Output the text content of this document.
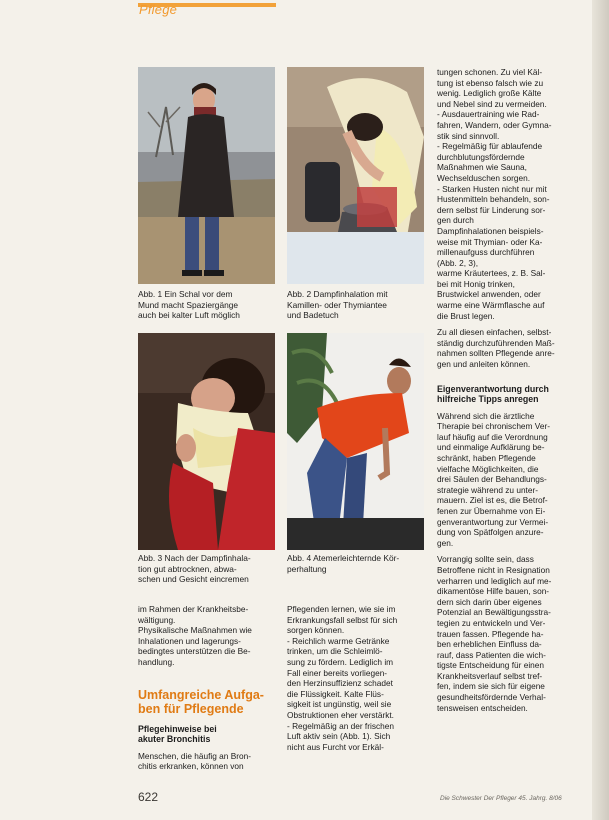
Pflege
Abb. 1 Ein Schal vor dem
Mund macht Spaziergänge
auch bei kalter Luft möglich
Abb. 2 Dampfinhalation mit
Kamillen- oder Thymiantee
und Badetuch
Abb. 3 Nach der Dampfinhala-
tion gut abtrocknen, abwa-
schen und Gesicht eincremen
Abb. 4 Atemerleichternde Kör-
perhaltung

im Rahmen der Krankheitsbe-
wältigung.
Physikalische Maßnahmen wie
Inhalationen und lagerungs-
bedingtes unterstützen die Be-
handlung.

Umfangreiche Aufga-
ben für Pflegende

Pflegehinweise bei
akuter Bronchitis

Menschen, die häufig an Bron-
chitis erkranken, können von

Pflegenden lernen, wie sie im
Erkrankungsfall selbst für sich
sorgen können.
- Reichlich warme Getränke
trinken, um die Schleimlö-
sung zu fördern. Lediglich im
Fall einer bereits vorliegen-
den Herzinsuffizienz schadet
die Flüssigkeit. Kalte Flüs-
sigkeit ist ungünstig, weil sie
Obstruktionen eher verstärkt.
- Regelmäßig an der frischen
Luft aktiv sein (Abb. 1). Sich
nicht aus Furcht vor Erkäl-

tungen schonen. Zu viel Käl-
tung ist ebenso falsch wie zu
wenig. Lediglich große Kälte
und Nebel sind zu vermeiden.
- Ausdauertraining wie Rad-
fahren, Wandern, oder Gymna-
stik sind sinnvoll.
- Regelmäßig für ablaufende
durchblutungsfördernde
Maßnahmen wie Sauna,
Wechselduschen sorgen.
- Starken Husten nicht nur mit
Hustenmitteln behandeln, son-
dern selbst für Linderung sor-
gen durch
Dampfinhalationen beispiels-
weise mit Thymian- oder Ka-
millenaufguss durchführen
(Abb. 2, 3),
warme Kräutertees, z. B. Sal-
bei mit Honig trinken,
Brustwickel anwenden, oder
warme eine Wärmflasche auf
die Brust legen.

Zu all diesen einfachen, selbst-
ständig durchzuführenden Maß-
nahmen sollten Pflegende anre-
gen und anleiten können.

Eigenverantwortung durch
hilfreiche Tipps anregen

Während sich die ärztliche
Therapie bei chronischem Ver-
lauf häufig auf die Verordnung
und einmalige Aufklärung be-
schränkt, haben Pflegende
vielfache Möglichkeiten, die
drei Säulen der Behandlungs-
strategie während zu unter-
mauern. Ziel ist es, die Betrof-
fenen zur Übernahme von Ei-
genverantwortung zur Vermei-
dung von Spätfolgen anzure-
gen.

Vorrangig sollte sein, dass
Betroffene nicht in Resignation
verharren und lediglich auf me-
dikamentöse Hilfe bauen, son-
dern sich darin über eigenes
Potenzial an Bewältigungsstra-
tegien zu entwickeln und Ver-
trauen fassen. Pflegende ha-
ben erheblichen Einfluss da-
rauf, dass Patienten die wich-
tigste Entscheidung für einen
Krankheitsverlauf selbst tref-
fen, indem sie sich für eigene
gesundheitsfördernde Verhal-
tensweisen entscheiden.

622	Die Schwester Der Pfleger 45. Jahrg. 8/06
